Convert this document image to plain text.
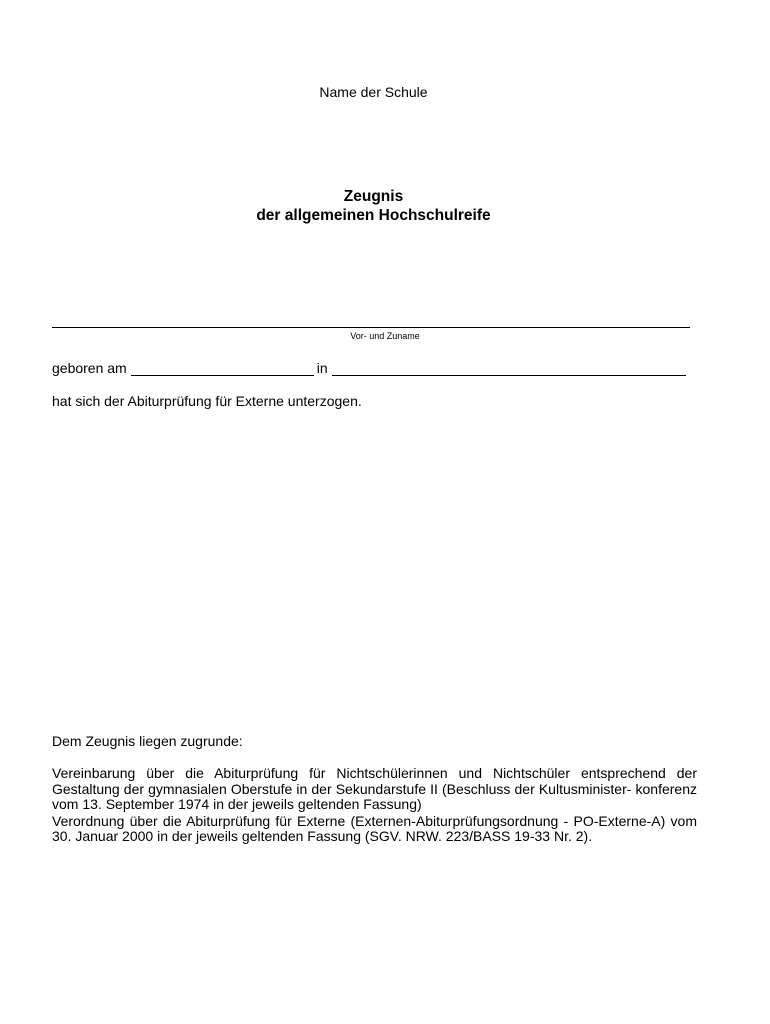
Name der Schule
Zeugnis
der allgemeinen Hochschulreife
Vor- und Zuname
geboren am	in
hat sich der Abiturprüfung für Externe unterzogen.
Dem Zeugnis liegen zugrunde:

Vereinbarung über die Abiturprüfung für Nichtschülerinnen und Nichtschüler entsprechend der Gestaltung der gymnasialen Oberstufe in der Sekundarstufe II (Beschluss der Kultusminister- konferenz vom 13. September 1974 in der jeweils geltenden Fassung)

Verordnung über die Abiturprüfung für Externe (Externen-Abiturprüfungsordnung - PO-Externe-A) vom 30. Januar 2000 in der jeweils geltenden Fassung (SGV. NRW. 223/BASS 19-33 Nr. 2).
